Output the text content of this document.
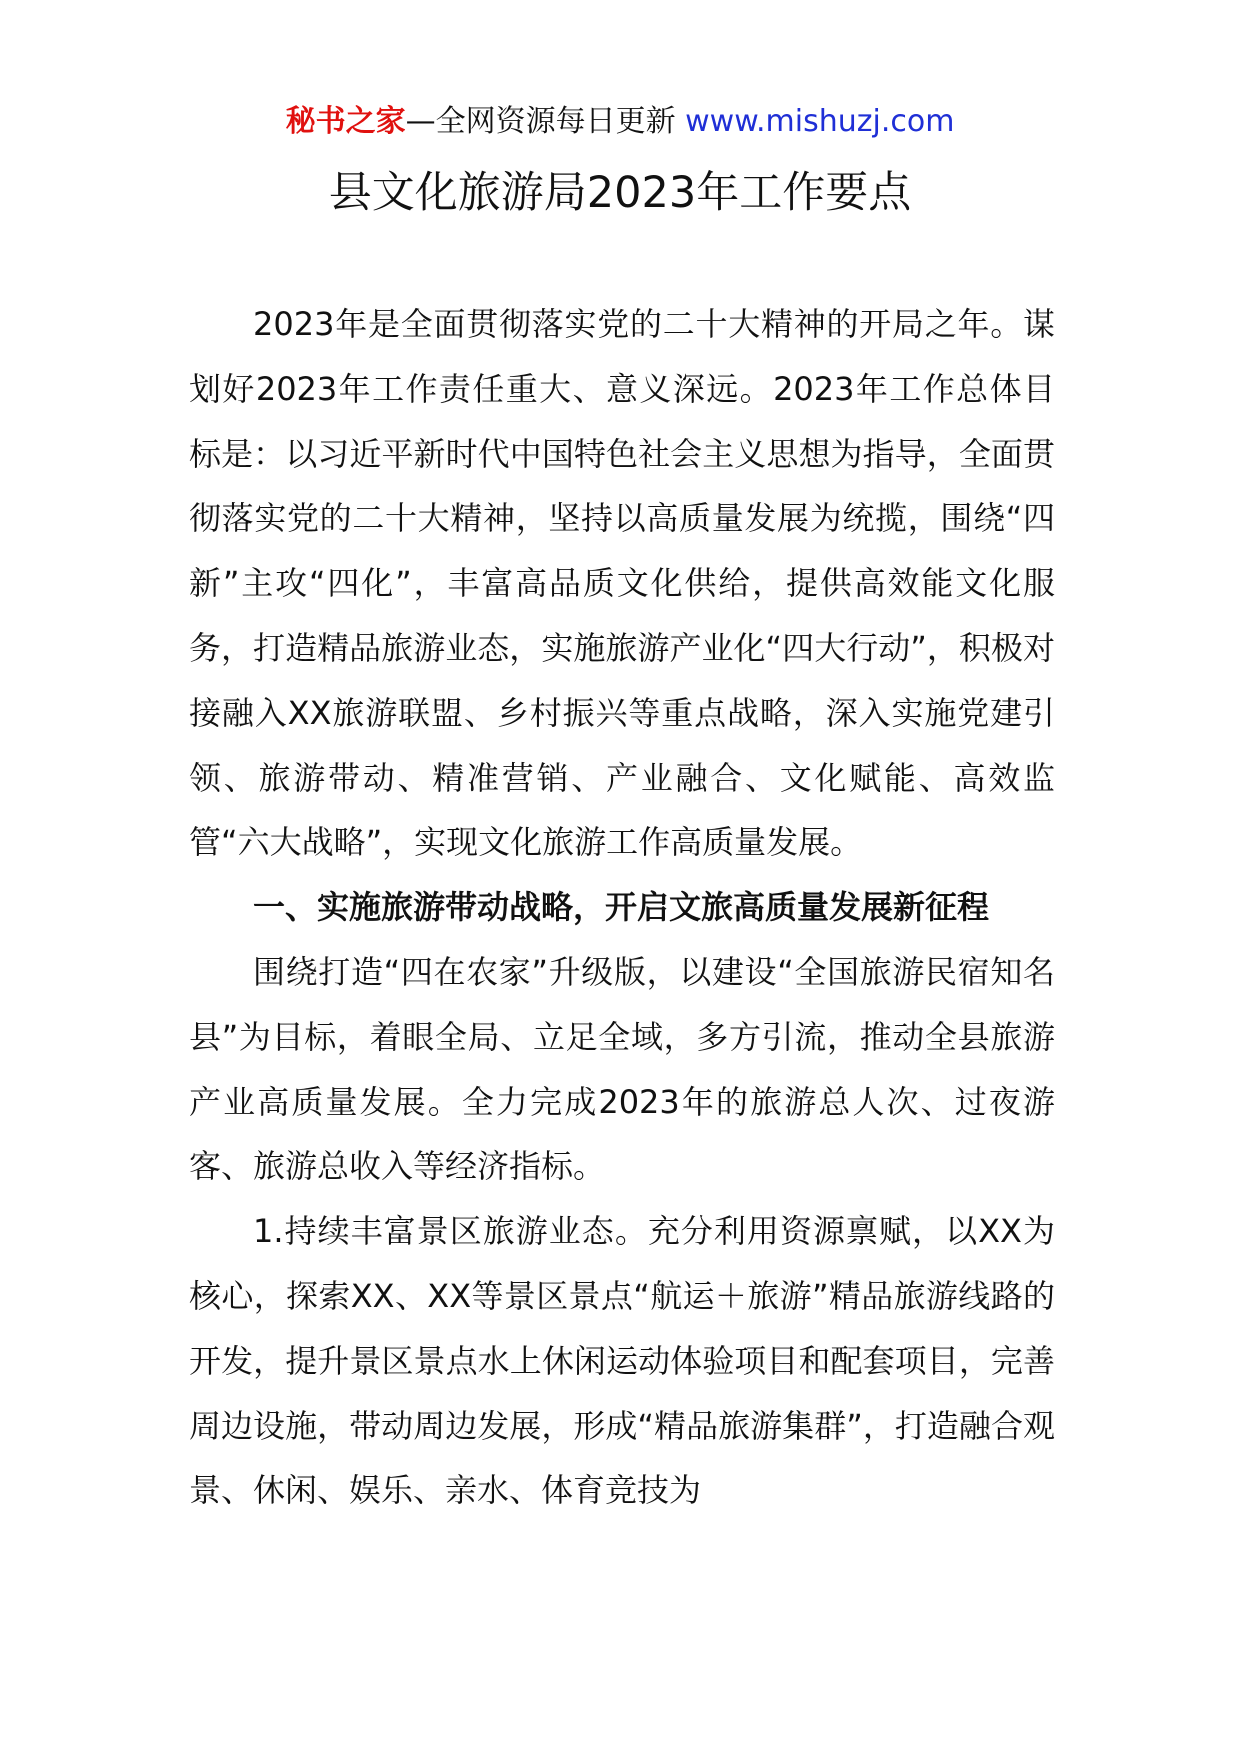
秘书之家—全网资源每日更新 www.mishuzj.com
县文化旅游局2023年工作要点

2023年是全面贯彻落实党的二十大精神的开局之年。谋划好2023年工作责任重大、意义深远。2023年工作总体目标是：以习近平新时代中国特色社会主义思想为指导，全面贯彻落实党的二十大精神，坚持以高质量发展为统揽，围绕“四新”主攻“四化”，丰富高品质文化供给，提供高效能文化服务，打造精品旅游业态，实施旅游产业化“四大行动”，积极对接融入XX旅游联盟、乡村振兴等重点战略，深入实施党建引领、旅游带动、精准营销、产业融合、文化赋能、高效监管“六大战略”，实现文化旅游工作高质量发展。

一、实施旅游带动战略，开启文旅高质量发展新征程

围绕打造“四在农家”升级版，以建设“全国旅游民宿知名县”为目标，着眼全局、立足全域，多方引流，推动全县旅游产业高质量发展。全力完成2023年的旅游总人次、过夜游客、旅游总收入等经济指标。

1.持续丰富景区旅游业态。充分利用资源禀赋，以XX为核心，探索XX、XX等景区景点“航运＋旅游”精品旅游线路的开发，提升景区景点水上休闲运动体验项目和配套项目，完善周边设施，带动周边发展，形成“精品旅游集群”，打造融合观景、休闲、娱乐、亲水、体育竞技为
